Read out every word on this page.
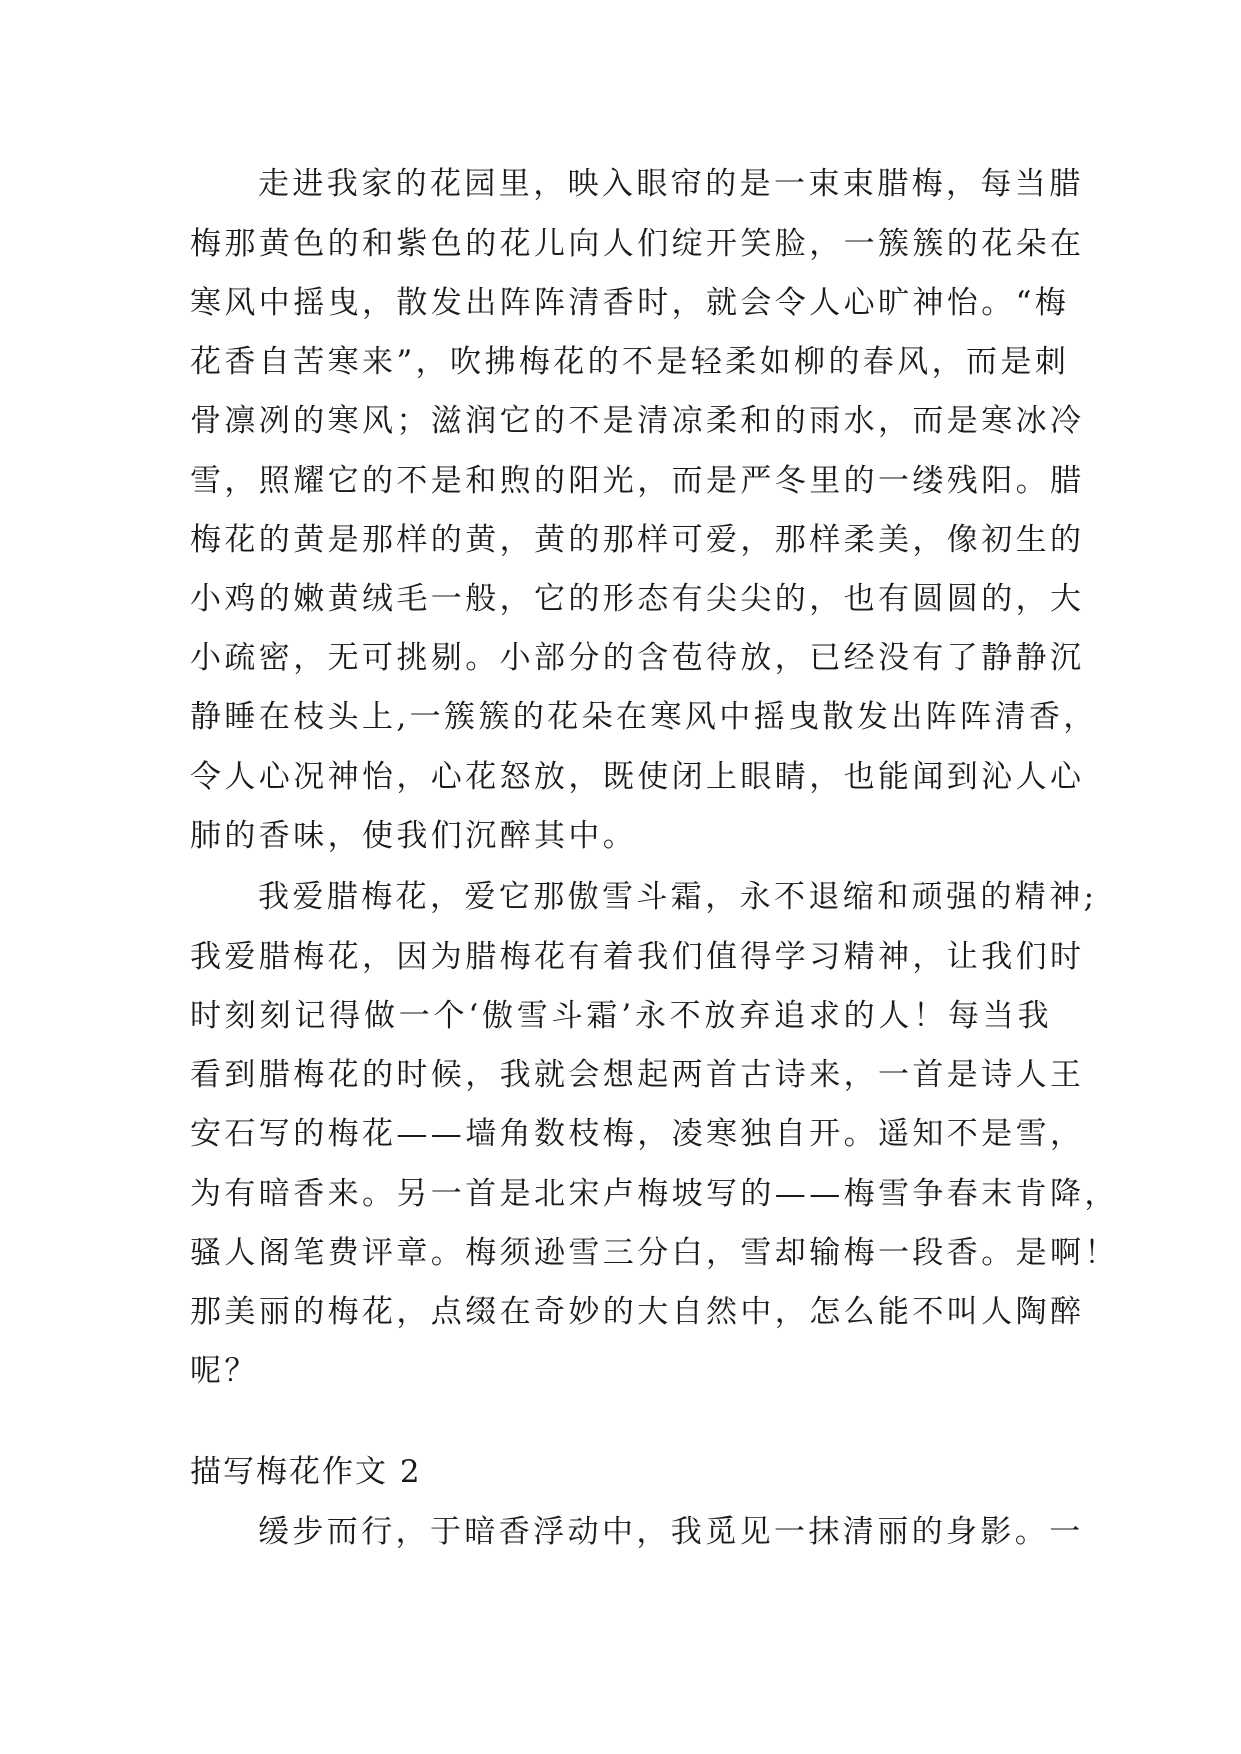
走进我家的花园里，映入眼帘的是一束束腊梅，每当腊
梅那黄色的和紫色的花儿向人们绽开笑脸，一簇簇的花朵在
寒风中摇曳，散发出阵阵清香时，就会令人心旷神怡。“梅
花香自苦寒来”，吹拂梅花的不是轻柔如柳的春风，而是刺
骨凛冽的寒风；滋润它的不是清凉柔和的雨水，而是寒冰冷
雪，照耀它的不是和煦的阳光，而是严冬里的一缕残阳。腊
梅花的黄是那样的黄，黄的那样可爱，那样柔美，像初生的
小鸡的嫩黄绒毛一般，它的形态有尖尖的，也有圆圆的，大
小疏密，无可挑剔。小部分的含苞待放，已经没有了静静沉
静睡在枝头上,一簇簇的花朵在寒风中摇曳散发出阵阵清香，
令人心况神怡，心花怒放，既使闭上眼睛，也能闻到沁人心
肺的香味，使我们沉醉其中。
我爱腊梅花，爱它那傲雪斗霜，永不退缩和顽强的精神;
我爱腊梅花，因为腊梅花有着我们值得学习精神，让我们时
时刻刻记得做一个‘傲雪斗霜’永不放弃追求的人！每当我
看到腊梅花的时候，我就会想起两首古诗来，一首是诗人王
安石写的梅花——墙角数枝梅，凌寒独自开。遥知不是雪，
为有暗香来。另一首是北宋卢梅坡写的——梅雪争春末肯降，
骚人阁笔费评章。梅须逊雪三分白，雪却输梅一段香。是啊！
那美丽的梅花，点缀在奇妙的大自然中，怎么能不叫人陶醉
呢？
描写梅花作文 2
缓步而行，于暗香浮动中，我觅见一抹清丽的身影。一
